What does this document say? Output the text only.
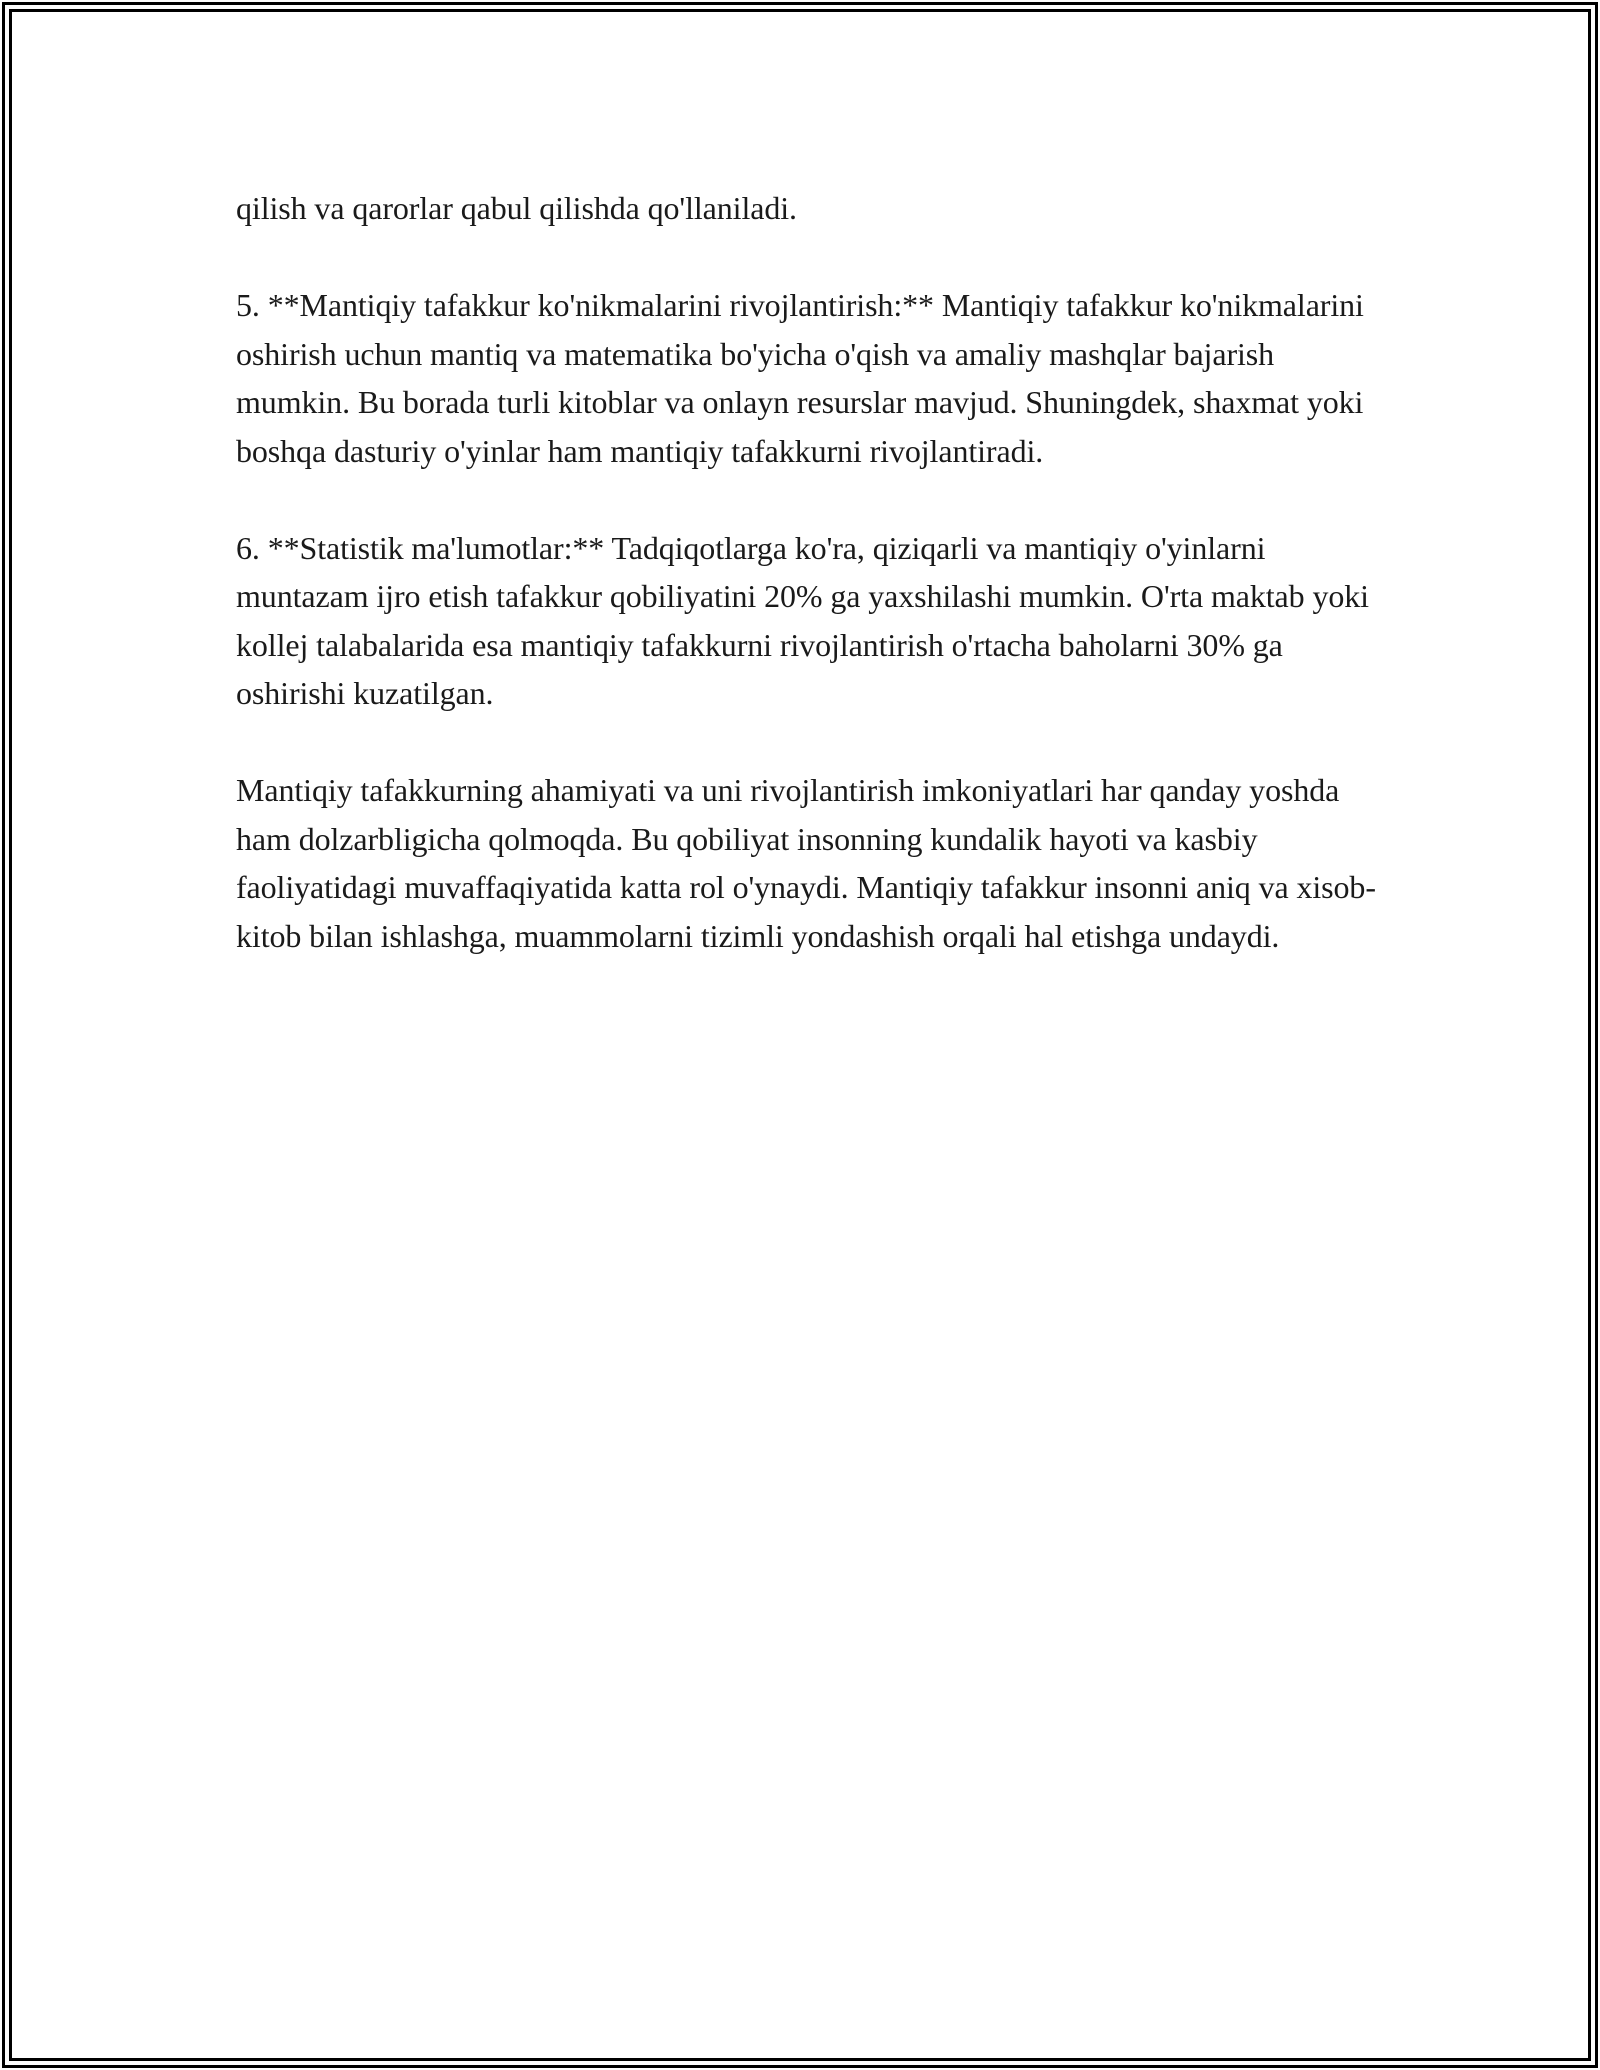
qilish va qarorlar qabul qilishda qo'llaniladi.

5. **Mantiqiy tafakkur ko'nikmalarini rivojlantirish:** Mantiqiy tafakkur ko'nikmalarini oshirish uchun mantiq va matematika bo'yicha o'qish va amaliy mashqlar bajarish mumkin. Bu borada turli kitoblar va onlayn resurslar mavjud. Shuningdek, shaxmat yoki boshqa dasturiy o'yinlar ham mantiqiy tafakkurni rivojlantiradi.

6. **Statistik ma'lumotlar:** Tadqiqotlarga ko'ra, qiziqarli va mantiqiy o'yinlarni muntazam ijro etish tafakkur qobiliyatini 20% ga yaxshilashi mumkin. O'rta maktab yoki kollej talabalarida esa mantiqiy tafakkurni rivojlantirish o'rtacha baholarni 30% ga oshirishi kuzatilgan.

Mantiqiy tafakkurning ahamiyati va uni rivojlantirish imkoniyatlari har qanday yoshda ham dolzarbligicha qolmoqda. Bu qobiliyat insonning kundalik hayoti va kasbiy faoliyatidagi muvaffaqiyatida katta rol o'ynaydi. Mantiqiy tafakkur insonni aniq va xisob-kitob bilan ishlashga, muammolarni tizimli yondashish orqali hal etishga undaydi.
